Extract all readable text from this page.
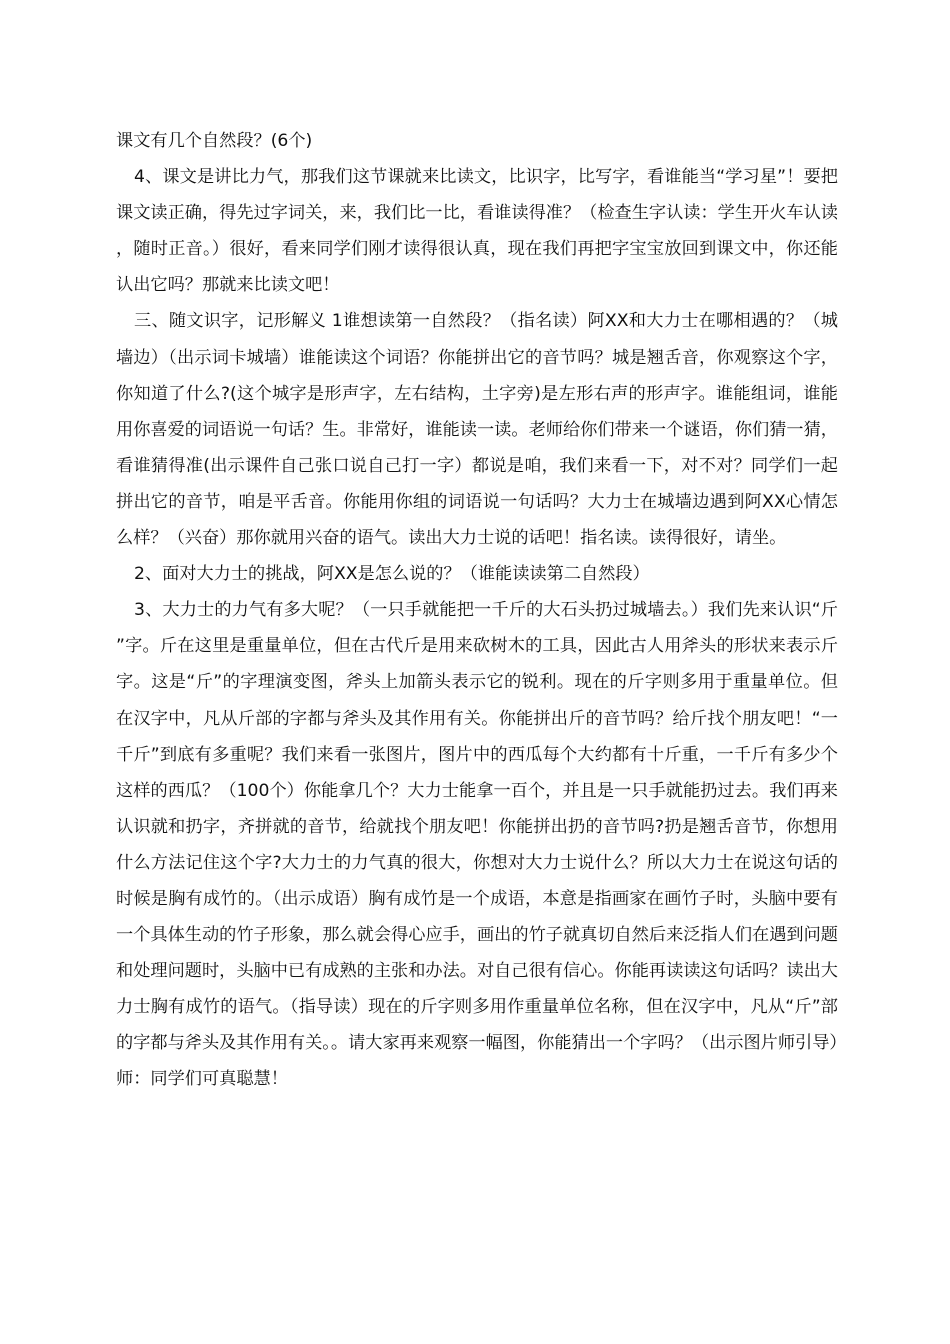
课文有几个自然段？(6个)

4、课文是讲比力气，那我们这节课就来比读文，比识字，比写字，看谁能当“学习星”！要把课文读正确，得先过字词关，来，我们比一比，看谁读得准？（检查生字认读：学生开火车认读，随时正音。）很好，看来同学们刚才读得很认真，现在我们再把字宝宝放回到课文中，你还能认出它吗？那就来比读文吧！

三、随文识字，记形解义 1谁想读第一自然段？（指名读）阿XX和大力士在哪相遇的？（城墙边）（出示词卡城墙）谁能读这个词语？你能拼出它的音节吗？城是翘舌音，你观察这个字，你知道了什么?(这个城字是形声字，左右结构，土字旁)是左形右声的形声字。谁能组词，谁能用你喜爱的词语说一句话？生。非常好，谁能读一读。老师给你们带来一个谜语，你们猜一猜，看谁猜得准(出示课件自己张口说自己打一字）都说是咱，我们来看一下，对不对？同学们一起拼出它的音节，咱是平舌音。你能用你组的词语说一句话吗？大力士在城墙边遇到阿XX心情怎么样？（兴奋）那你就用兴奋的语气。读出大力士说的话吧！指名读。读得很好，请坐。

2、面对大力士的挑战，阿XX是怎么说的？（谁能读读第二自然段）

3、大力士的力气有多大呢？（一只手就能把一千斤的大石头扔过城墙去。）我们先来认识“斤”字。斤在这里是重量单位，但在古代斤是用来砍树木的工具，因此古人用斧头的形状来表示斤字。这是“斤”的字理演变图，斧头上加箭头表示它的锐利。现在的斤字则多用于重量单位。但在汉字中，凡从斤部的字都与斧头及其作用有关。你能拼出斤的音节吗？给斤找个朋友吧！“一千斤”到底有多重呢？我们来看一张图片，图片中的西瓜每个大约都有十斤重，一千斤有多少个这样的西瓜？（100个）你能拿几个？大力士能拿一百个，并且是一只手就能扔过去。我们再来认识就和扔字，齐拼就的音节，给就找个朋友吧！你能拼出扔的音节吗?扔是翘舌音节，你想用什么方法记住这个字?大力士的力气真的很大，你想对大力士说什么？所以大力士在说这句话的时候是胸有成竹的。（出示成语）胸有成竹是一个成语，本意是指画家在画竹子时，头脑中要有一个具体生动的竹子形象，那么就会得心应手，画出的竹子就真切自然后来泛指人们在遇到问题和处理问题时，头脑中已有成熟的主张和办法。对自己很有信心。你能再读读这句话吗？读出大力士胸有成竹的语气。（指导读）现在的斤字则多用作重量单位名称，但在汉字中，凡从“斤”部的字都与斧头及其作用有关。。请大家再来观察一幅图，你能猜出一个字吗？（出示图片师引导）师：同学们可真聪慧！
